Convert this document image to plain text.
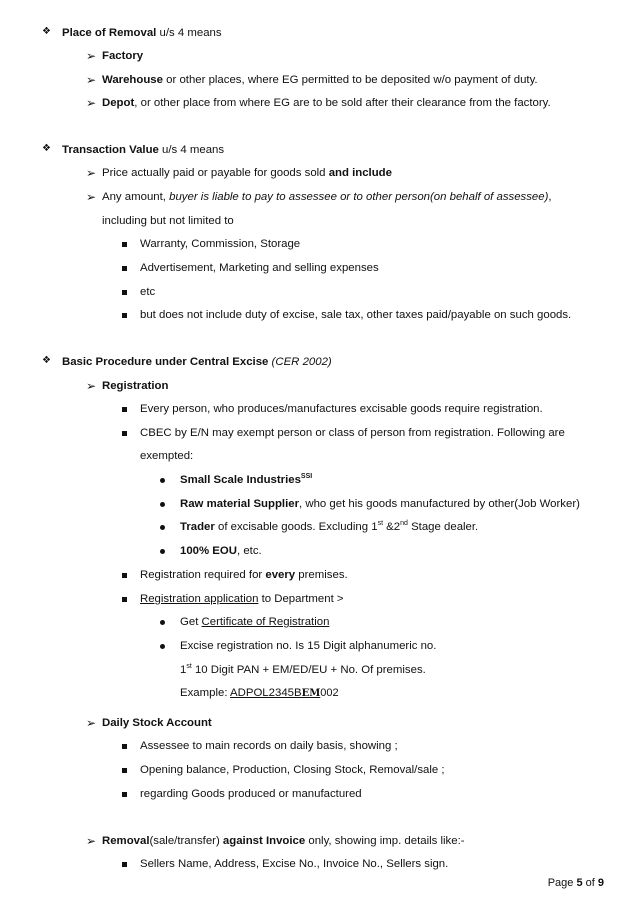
❖ Place of Removal u/s 4 means
➢ Factory
➢ Warehouse or other places, where EG permitted to be deposited w/o payment of duty.
➢ Depot, or other place from where EG are to be sold after their clearance from the factory.
❖ Transaction Value u/s 4 means
➢ Price actually paid or payable for goods sold and include
➢ Any amount, buyer is liable to pay to assessee or to other person(on behalf of assessee),
including but not limited to
Warranty, Commission, Storage
Advertisement, Marketing and selling expenses
etc
but does not include duty of excise, sale tax, other taxes paid/payable on such goods.
❖ Basic Procedure under Central Excise (CER 2002)
➢ Registration
Every person, who produces/manufactures excisable goods require registration.
CBEC by E/N may exempt person or class of person from registration. Following are
exempted:
Small Scale Industries$^{SSI}$
Raw material Supplier, who get his goods manufactured by other(Job Worker)
Trader of excisable goods. Excluding 1st &2nd Stage dealer.
100% EOU, etc.
Registration required for every premises.
Registration application to Department >
Get Certificate of Registration
Excise registration no. Is 15 Digit alphanumeric no.
1st 10 Digit PAN + EM/ED/EU + No. Of premises.
Example: ADPOL2345BEM002
➢ Daily Stock Account
Assessee to main records on daily basis, showing ;
Opening balance, Production, Closing Stock, Removal/sale ;
regarding Goods produced or manufactured
➢ Removal(sale/transfer) against Invoice only, showing imp. details like:-
Sellers Name, Address, Excise No., Invoice No., Sellers sign.
Page 5 of 9
